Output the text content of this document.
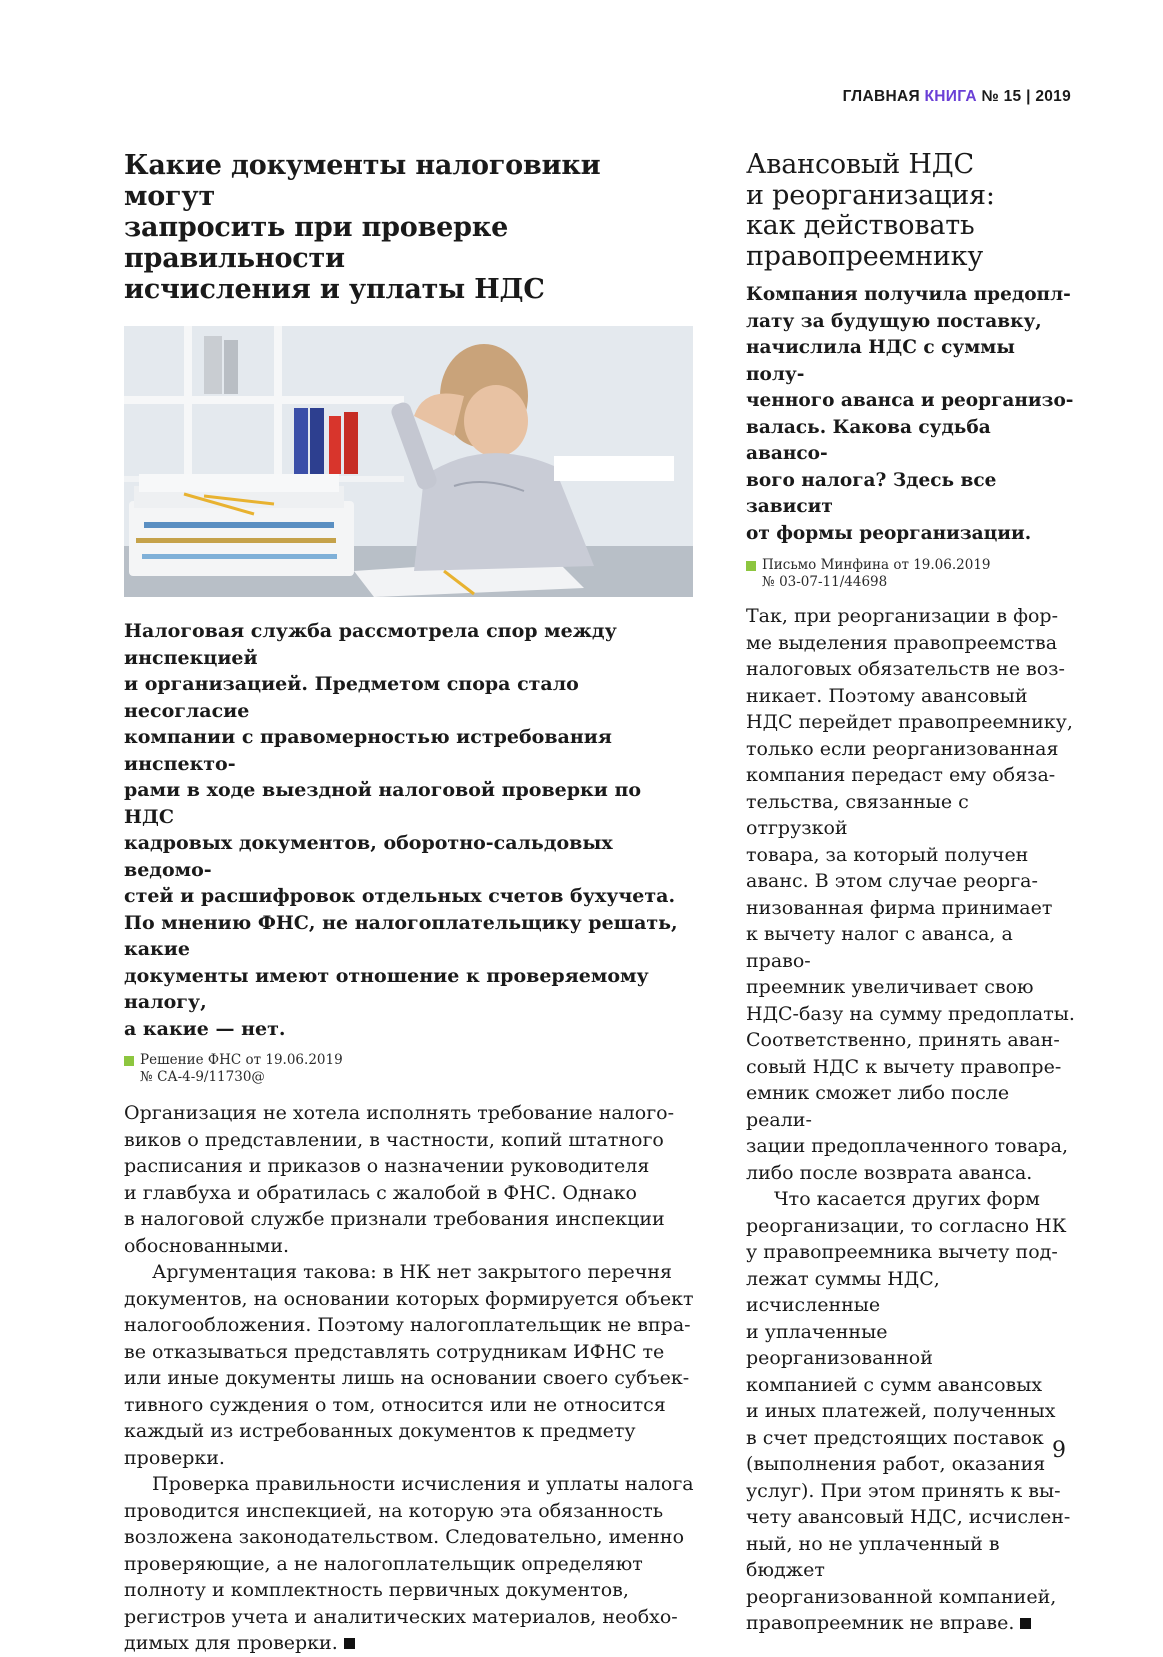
ГЛАВНАЯ КНИГА № 15 | 2019
Какие документы налоговики могут
запросить при проверке правильности
исчисления и уплаты НДС
Налоговая служба рассмотрела спор между инспекцией
и организацией. Предметом спора стало несогласие
компании с правомерностью истребования инспекто-
рами в ходе выездной налоговой проверки по НДС
кадровых документов, оборотно-сальдовых ведомо-
стей и расшифровок отдельных счетов бухучета.
По мнению ФНС, не налогоплательщику решать, какие
документы имеют отношение к проверяемому налогу,
а какие — нет.
Решение ФНС от 19.06.2019
№ СА-4-9/11730@

Организация не хотела исполнять требование налого-
виков о представлении, в частности, копий штатного
расписания и приказов о назначении руководителя
и главбуха и обратилась с жалобой в ФНС. Однако
в налоговой службе признали требования инспекции
обоснованными.

Аргументация такова: в НК нет закрытого перечня
документов, на основании которых формируется объект
налогообложения. Поэтому налогоплательщик не впра-
ве отказываться представлять сотрудникам ИФНС те
или иные документы лишь на основании своего субъек-
тивного суждения о том, относится или не относится
каждый из истребованных документов к предмету
проверки.

Проверка правильности исчисления и уплаты налога
проводится инспекцией, на которую эта обязанность
возложена законодательством. Следовательно, именно
проверяющие, а не налогоплательщик определяют
полноту и комплектность первичных документов,
регистров учета и аналитических материалов, необхо-
димых для проверки.

Авансовый НДС
и реорганизация:
как действовать
правопреемнику
Компания получила предопл-
лату за будущую поставку,
начислила НДС с суммы полу-
ченного аванса и реорганизо-
валась. Какова судьба авансо-
вого налога? Здесь все зависит
от формы реорганизации.
Письмо Минфина от 19.06.2019
№ 03-07-11/44698

Так, при реорганизации в фор-
ме выделения правопреемства
налоговых обязательств не воз-
никает. Поэтому авансовый
НДС перейдет правопреемнику,
только если реорганизованная
компания передаст ему обяза-
тельства, связанные с отгрузкой
товара, за который получен
аванс. В этом случае реорга-
низованная фирма принимает
к вычету налог с аванса, а право-
преемник увеличивает свою
НДС-базу на сумму предоплаты.
Соответственно, принять аван-
совый НДС к вычету правопре-
емник сможет либо после реали-
зации предоплаченного товара,
либо после возврата аванса.

Что касается других форм
реорганизации, то согласно НК
у правопреемника вычету под-
лежат суммы НДС, исчисленные
и уплаченные реорганизованной
компанией с сумм авансовых
и иных платежей, полученных
в счет предстоящих поставок
(выполнения работ, оказания
услуг). При этом принять к вы-
чету авансовый НДС, исчислен-
ный, но не уплаченный в бюджет
реорганизованной компанией,
правопреемник не вправе.

9
